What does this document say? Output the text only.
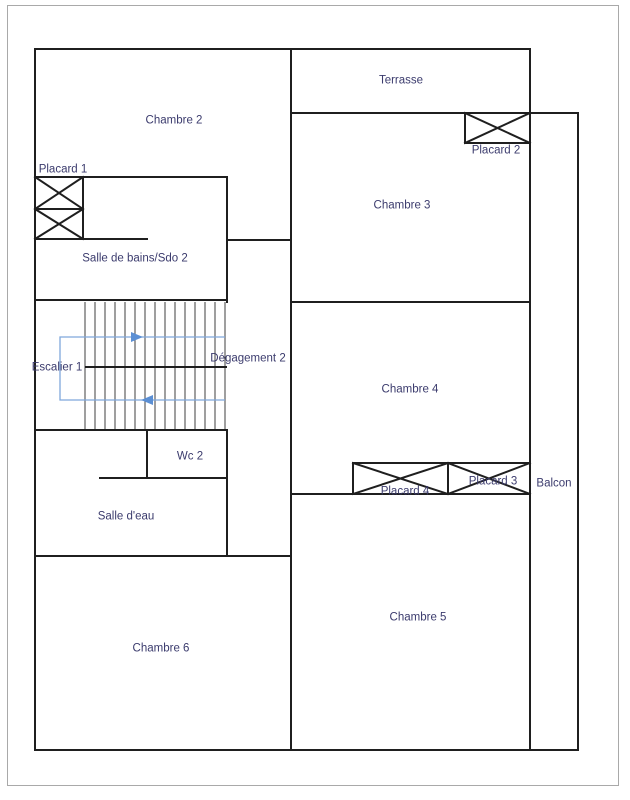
Chambre 2
Terrasse
Placard 1
Placard 2
Chambre 3
Salle de bains/Sdo 2
Escalier 1
Dégagement 2
Chambre 4
Wc 2
Placard 4
Placard 3 Balcon
Salle d'eau
Chambre 6
Chambre 5
